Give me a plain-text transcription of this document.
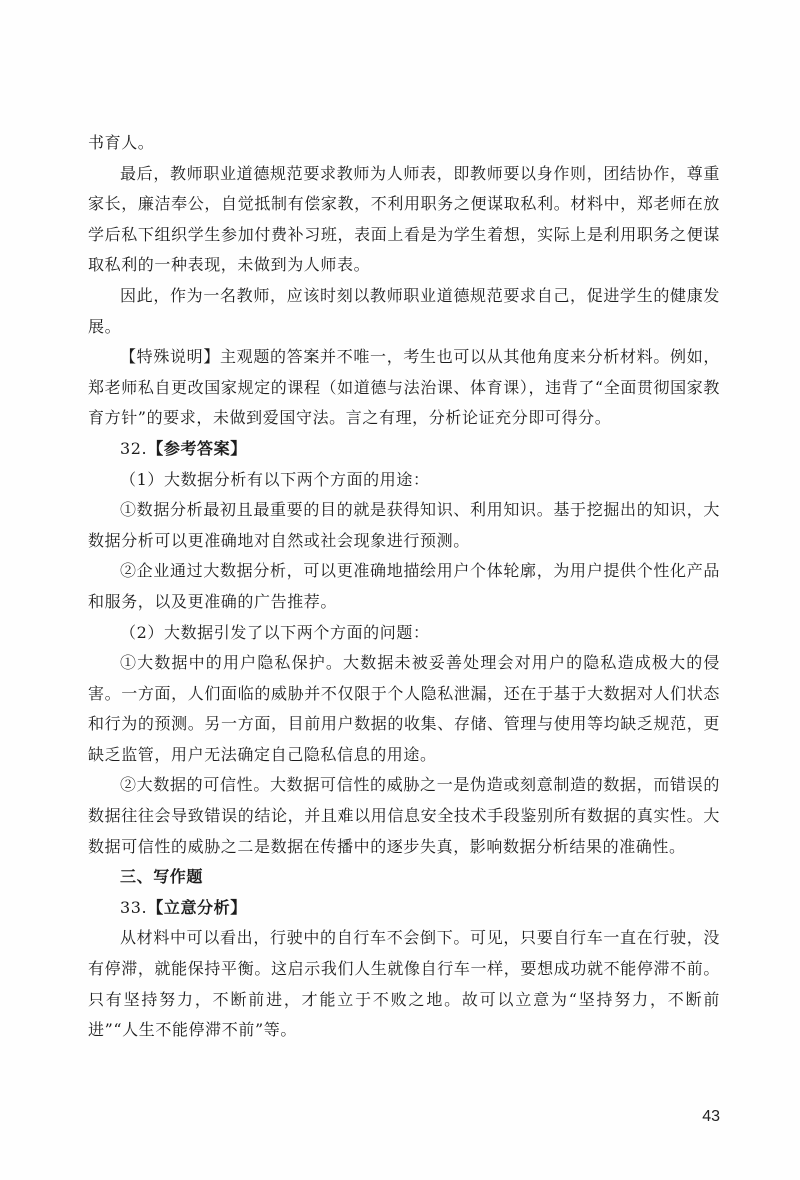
书育人。

最后，教师职业道德规范要求教师为人师表，即教师要以身作则，团结协作，尊重家长，廉洁奉公，自觉抵制有偿家教，不利用职务之便谋取私利。材料中，郑老师在放学后私下组织学生参加付费补习班，表面上看是为学生着想，实际上是利用职务之便谋取私利的一种表现，未做到为人师表。

因此，作为一名教师，应该时刻以教师职业道德规范要求自己，促进学生的健康发展。

【特殊说明】主观题的答案并不唯一，考生也可以从其他角度来分析材料。例如，郑老师私自更改国家规定的课程（如道德与法治课、体育课），违背了“全面贯彻国家教育方针”的要求，未做到爱国守法。言之有理，分析论证充分即可得分。

32.【参考答案】

（1）大数据分析有以下两个方面的用途：

①数据分析最初且最重要的目的就是获得知识、利用知识。基于挖掘出的知识，大数据分析可以更准确地对自然或社会现象进行预测。

②企业通过大数据分析，可以更准确地描绘用户个体轮廓，为用户提供个性化产品和服务，以及更准确的广告推荐。

（2）大数据引发了以下两个方面的问题：

①大数据中的用户隐私保护。大数据未被妥善处理会对用户的隐私造成极大的侵害。一方面，人们面临的威胁并不仅限于个人隐私泄漏，还在于基于大数据对人们状态和行为的预测。另一方面，目前用户数据的收集、存储、管理与使用等均缺乏规范，更缺乏监管，用户无法确定自己隐私信息的用途。

②大数据的可信性。大数据可信性的威胁之一是伪造或刻意制造的数据，而错误的数据往往会导致错误的结论，并且难以用信息安全技术手段鉴别所有数据的真实性。大数据可信性的威胁之二是数据在传播中的逐步失真，影响数据分析结果的准确性。

三、写作题

33.【立意分析】

从材料中可以看出，行驶中的自行车不会倒下。可见，只要自行车一直在行驶，没有停滞，就能保持平衡。这启示我们人生就像自行车一样，要想成功就不能停滞不前。只有坚持努力，不断前进，才能立于不败之地。故可以立意为“坚持努力，不断前进”“人生不能停滞不前”等。

43
